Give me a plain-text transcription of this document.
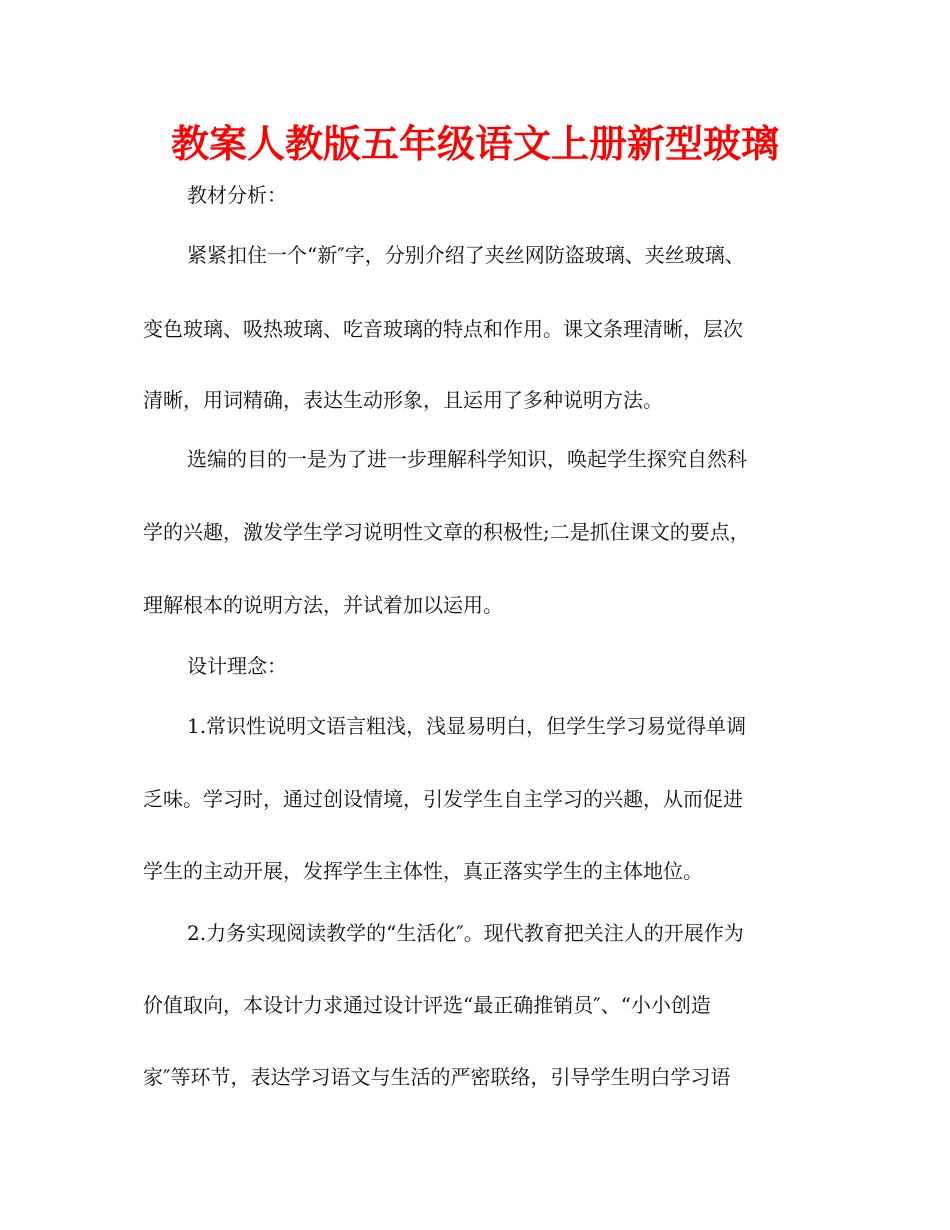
教案人教版五年级语文上册新型玻璃
教材分析：
紧紧扣住一个“新″字，分别介绍了夹丝网防盗玻璃、夹丝玻璃、
变色玻璃、吸热玻璃、吃音玻璃的特点和作用。课文条理清晰，层次
清晰，用词精确，表达生动形象，且运用了多种说明方法。
选编的目的一是为了进一步理解科学知识，唤起学生探究自然科
学的兴趣，激发学生学习说明性文章的积极性;二是抓住课文的要点，
理解根本的说明方法，并试着加以运用。
设计理念：
1.常识性说明文语言粗浅，浅显易明白，但学生学习易觉得单调
乏味。学习时，通过创设情境，引发学生自主学习的兴趣，从而促进
学生的主动开展，发挥学生主体性，真正落实学生的主体地位。
2.力务实现阅读教学的“生活化″。现代教育把关注人的开展作为
价值取向，本设计力求通过设计评选“最正确推销员″、“小小创造
家″等环节，表达学习语文与生活的严密联络，引导学生明白学习语
